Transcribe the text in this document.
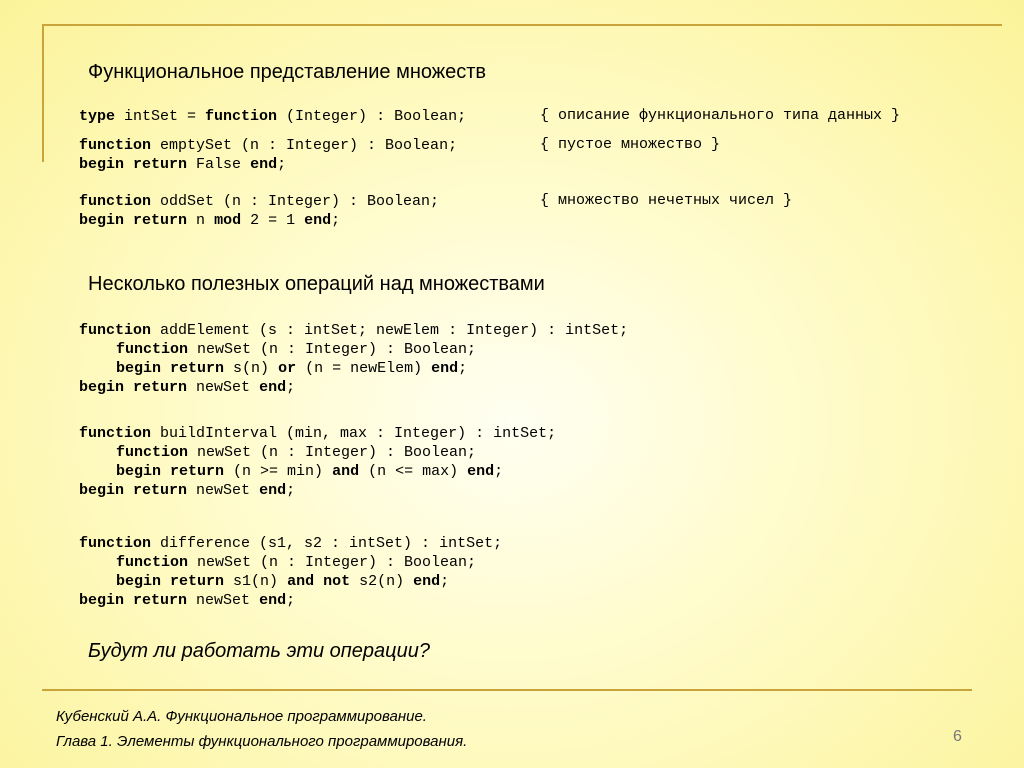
Функциональное представление множеств
type intSet = function (Integer) : Boolean;	{ описание функционального типа данных }
function emptySet (n : Integer) : Boolean;
begin return False end;
{ пустое множество }
function oddSet (n : Integer) : Boolean;
begin return n mod 2 = 1 end;
{ множество нечетных чисел }
Несколько полезных операций над множествами
function addElement (s : intSet; newElem : Integer) : intSet;
function newSet (n : Integer) : Boolean;
begin return s(n) or (n = newElem) end;
begin return newSet end;
function buildInterval (min, max : Integer) : intSet;
function newSet (n : Integer) : Boolean;
begin return (n >= min) and (n <= max) end;
begin return newSet end;
function difference (s1, s2 : intSet) : intSet;
function newSet (n : Integer) : Boolean;
begin return s1(n) and not s2(n) end;
begin return newSet end;
Будут ли работать эти операции?
Кубенский А.А. Функциональное программирование.
Глава 1. Элементы функционального программирования.	6
